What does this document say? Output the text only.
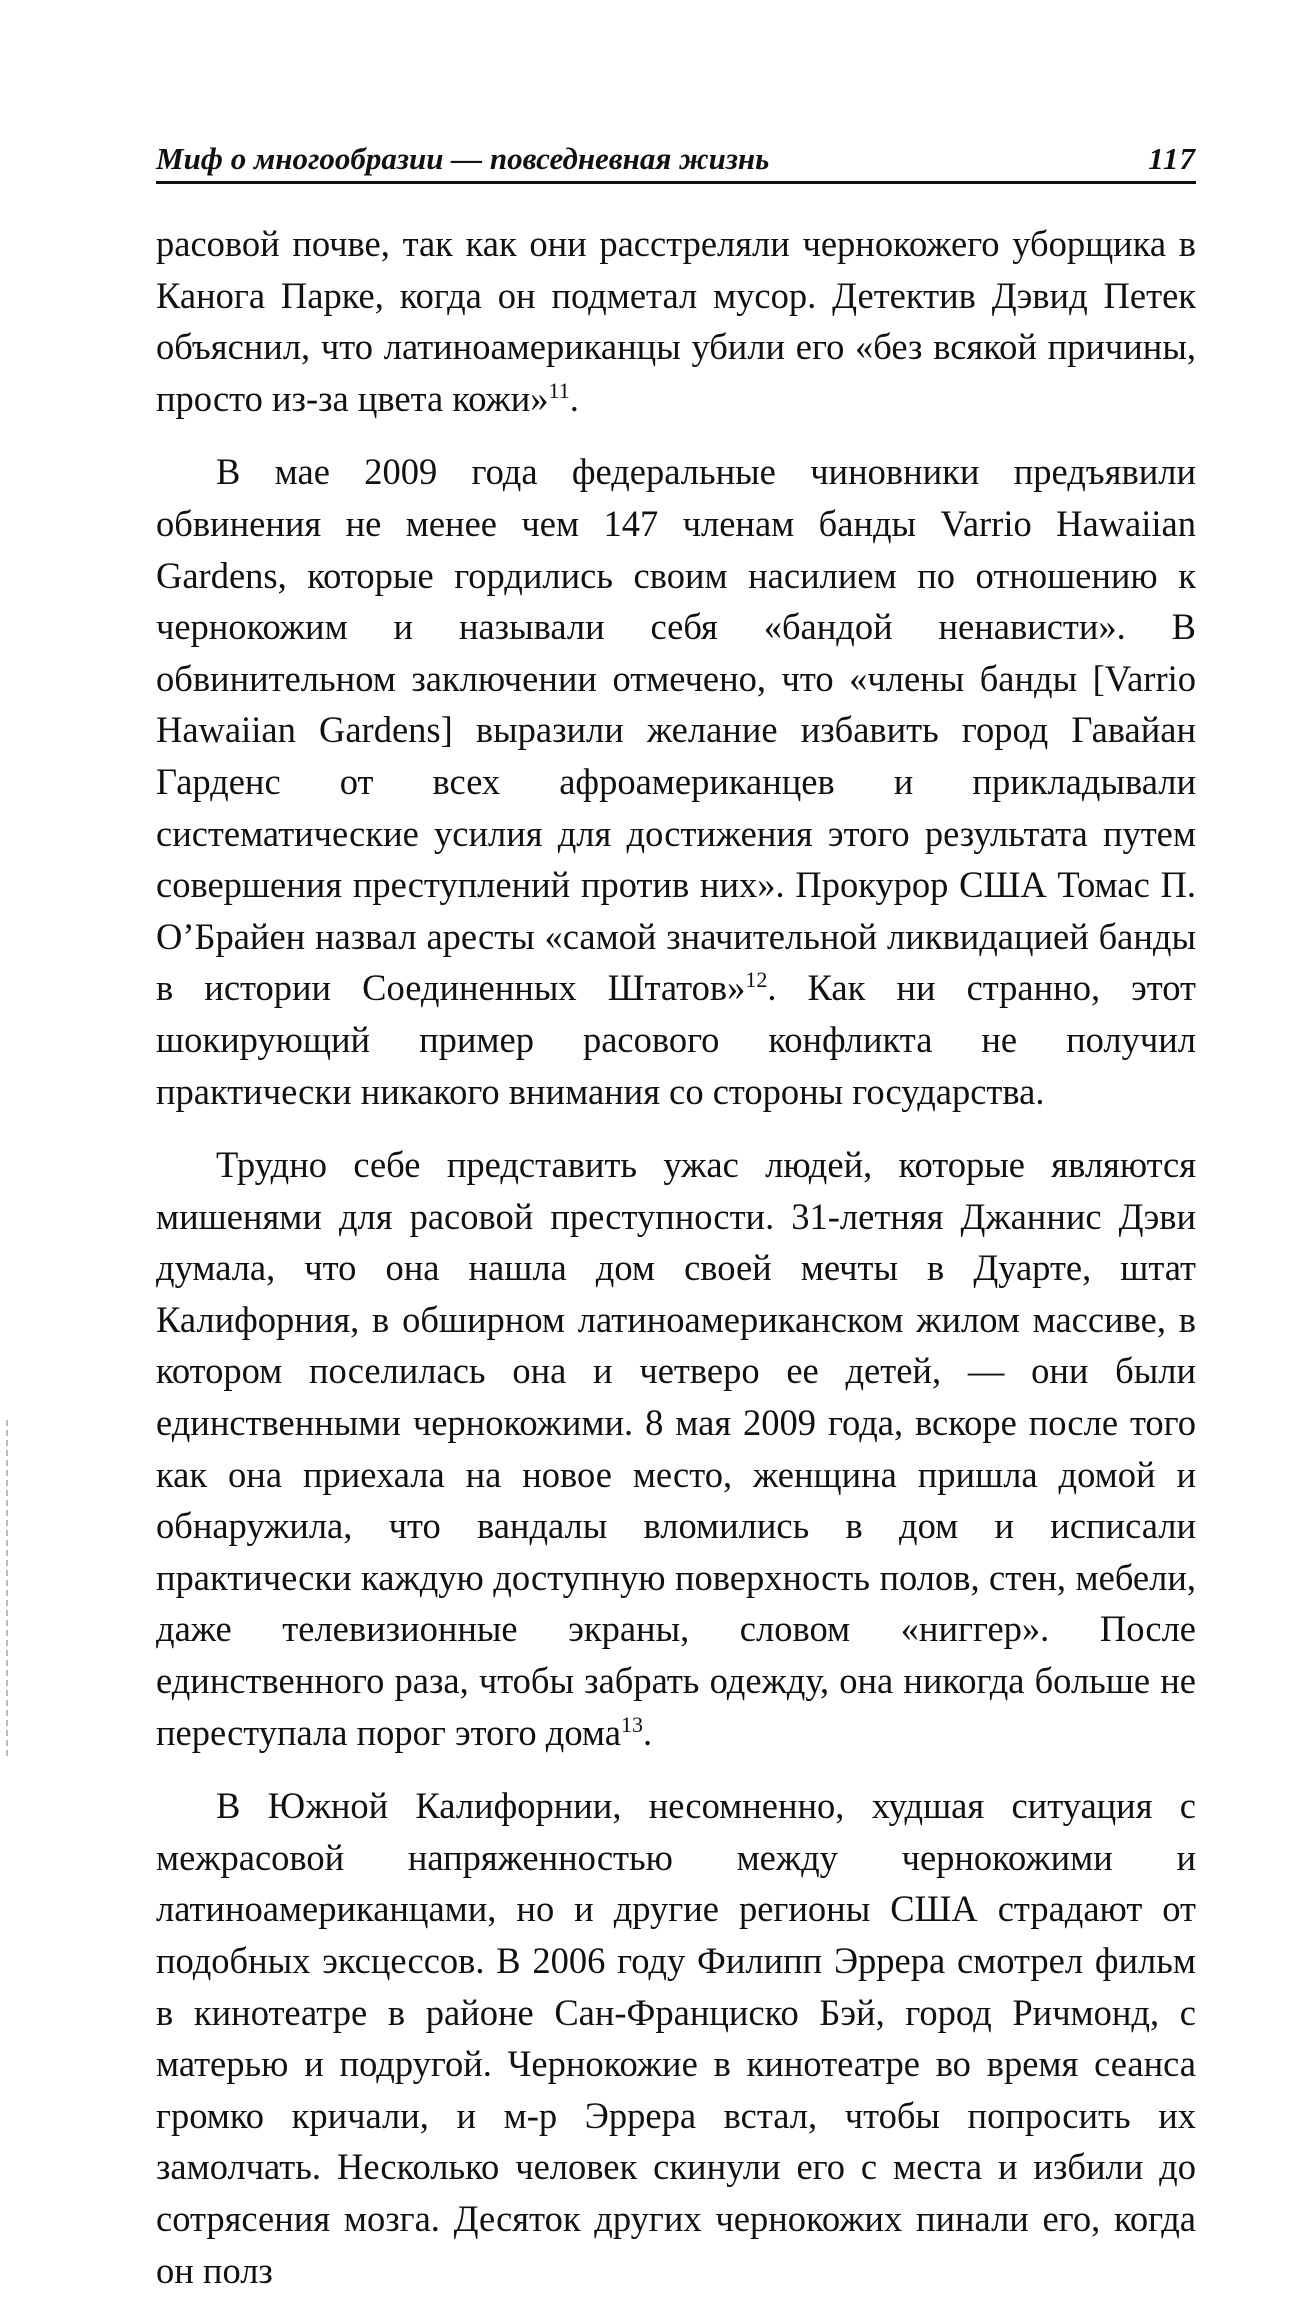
Миф о многообразии — повседневная жизнь	117

расовой почве, так как они расстреляли чернокожего уборщика в Канога Парке, когда он подметал мусор. Детектив Дэвид Петек объяснил, что латиноамериканцы убили его «без всякой причины, просто из-за цвета кожи»$^{11}$.

В мае 2009 года федеральные чиновники предъявили обвинения не менее чем 147 членам банды Varrio Hawaiian Gardens, которые гордились своим насилием по отношению к чернокожим и называли себя «бандой ненависти». В обвинительном заключении отмечено, что «члены банды [Varrio Hawaiian Gardens] выразили желание избавить город Гавайан Гарденс от всех афроамериканцев и прикладывали систематические усилия для достижения этого результата путем совершения преступлений против них». Прокурор США Томас П. О’Брайен назвал аресты «самой значительной ликвидацией банды в истории Соединенных Штатов»$^{12}$. Как ни странно, этот шокирующий пример расового конфликта не получил практически никакого внимания со стороны государства.

Трудно себе представить ужас людей, которые являются мишенями для расовой преступности. 31-летняя Джаннис Дэви думала, что она нашла дом своей мечты в Дуарте, штат Калифорния, в обширном латиноамериканском жилом массиве, в котором поселилась она и четверо ее детей, — они были единственными чернокожими. 8 мая 2009 года, вскоре после того как она приехала на новое место, женщина пришла домой и обнаружила, что вандалы вломились в дом и исписали практически каждую доступную поверхность полов, стен, мебели, даже телевизионные экраны, словом «ниггер». После единственного раза, чтобы забрать одежду, она никогда больше не переступала порог этого дома$^{13}$.

В Южной Калифорнии, несомненно, худшая ситуация с межрасовой напряженностью между чернокожими и латиноамериканцами, но и другие регионы США страдают от подобных эксцессов. В 2006 году Филипп Эррера смотрел фильм в кинотеатре в районе Сан-Франциско Бэй, город Ричмонд, с матерью и подругой. Чернокожие в кинотеатре во время сеанса громко кричали, и м-р Эррера встал, чтобы попросить их замолчать. Несколько человек скинули его с места и избили до сотрясения мозга. Десяток других чернокожих пинали его, когда он полз
